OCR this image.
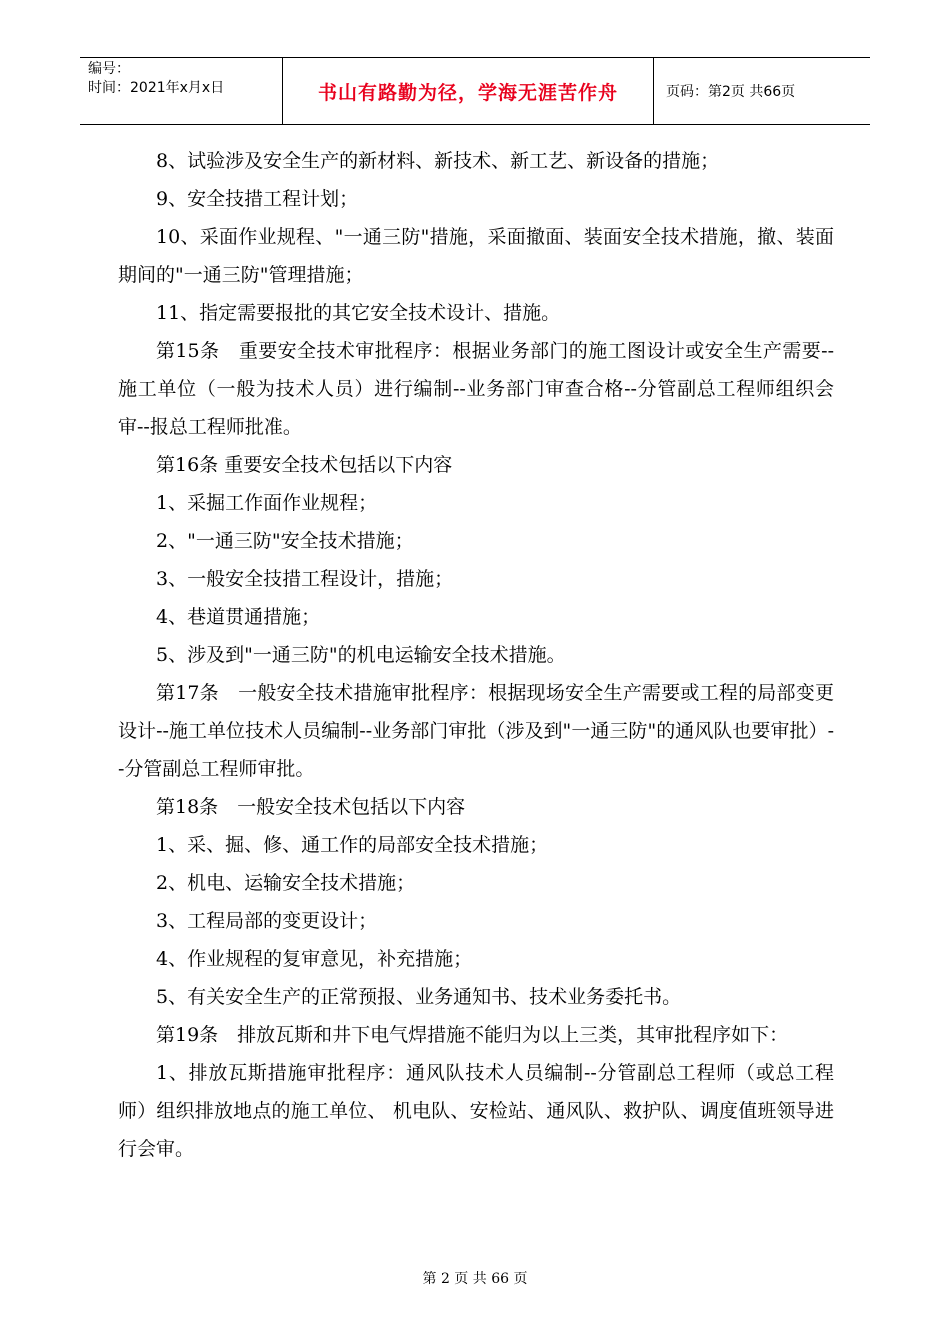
编号：
时间：2021年x月x日	书山有路勤为径，学海无涯苦作舟	页码：第2页 共66页

8、试验涉及安全生产的新材料、新技术、新工艺、新设备的措施；

9、安全技措工程计划；

10、采面作业规程、"一通三防"措施，采面撤面、装面安全技术措施，撤、装面期间的"一通三防"管理措施；

11、指定需要报批的其它安全技术设计、措施。

第15条　重要安全技术审批程序：根据业务部门的施工图设计或安全生产需要--施工单位（一般为技术人员）进行编制--业务部门审查合格--分管副总工程师组织会审--报总工程师批准。

第16条 重要安全技术包括以下内容

1、采掘工作面作业规程；

2、"一通三防"安全技术措施；

3、一般安全技措工程设计，措施；

4、巷道贯通措施；

5、涉及到"一通三防"的机电运输安全技术措施。

第17条　一般安全技术措施审批程序：根据现场安全生产需要或工程的局部变更设计--施工单位技术人员编制--业务部门审批（涉及到"一通三防"的通风队也要审批）--分管副总工程师审批。

第18条　一般安全技术包括以下内容

1、采、掘、修、通工作的局部安全技术措施；

2、机电、运输安全技术措施；

3、工程局部的变更设计；

4、作业规程的复审意见，补充措施；

5、有关安全生产的正常预报、业务通知书、技术业务委托书。

第19条　排放瓦斯和井下电气焊措施不能归为以上三类，其审批程序如下：

1、排放瓦斯措施审批程序：通风队技术人员编制--分管副总工程师（或总工程师）组织排放地点的施工单位、 机电队、安检站、通风队、救护队、调度值班领导进行会审。

第 2 页 共 66 页
